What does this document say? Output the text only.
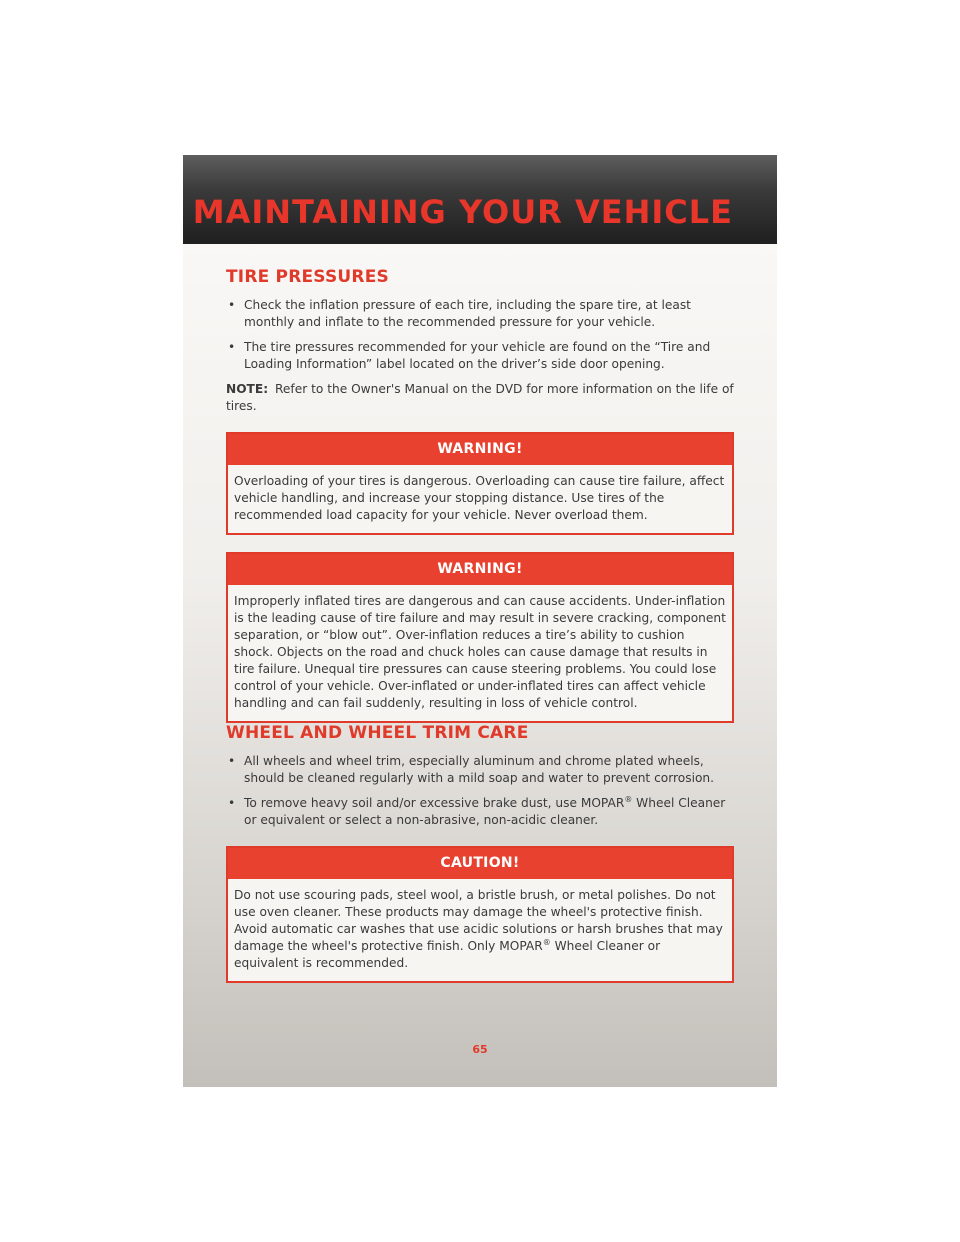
MAINTAINING YOUR VEHICLE
TIRE PRESSURES
• Check the inflation pressure of each tire, including the spare tire, at least monthly and inflate to the recommended pressure for your vehicle.
• The tire pressures recommended for your vehicle are found on the “Tire and Loading Information” label located on the driver’s side door opening.

NOTE: Refer to the Owner's Manual on the DVD for more information on the life of tires.

WARNING!
Overloading of your tires is dangerous. Overloading can cause tire failure, affect vehicle handling, and increase your stopping distance. Use tires of the recommended load capacity for your vehicle. Never overload them.
WARNING!
Improperly inflated tires are dangerous and can cause accidents. Under-inflation is the leading cause of tire failure and may result in severe cracking, component separation, or “blow out”. Over-inflation reduces a tire’s ability to cushion shock. Objects on the road and chuck holes can cause damage that results in tire failure. Unequal tire pressures can cause steering problems. You could lose control of your vehicle. Over-inflated or under-inflated tires can affect vehicle handling and can fail suddenly, resulting in loss of vehicle control.
WHEEL AND WHEEL TRIM CARE
• All wheels and wheel trim, especially aluminum and chrome plated wheels, should be cleaned regularly with a mild soap and water to prevent corrosion.
• To remove heavy soil and/or excessive brake dust, use MOPAR® Wheel Cleaner or equivalent or select a non-abrasive, non-acidic cleaner.
CAUTION!
Do not use scouring pads, steel wool, a bristle brush, or metal polishes. Do not use oven cleaner. These products may damage the wheel's protective finish. Avoid automatic car washes that use acidic solutions or harsh brushes that may damage the wheel's protective finish. Only MOPAR® Wheel Cleaner or equivalent is recommended.
65
